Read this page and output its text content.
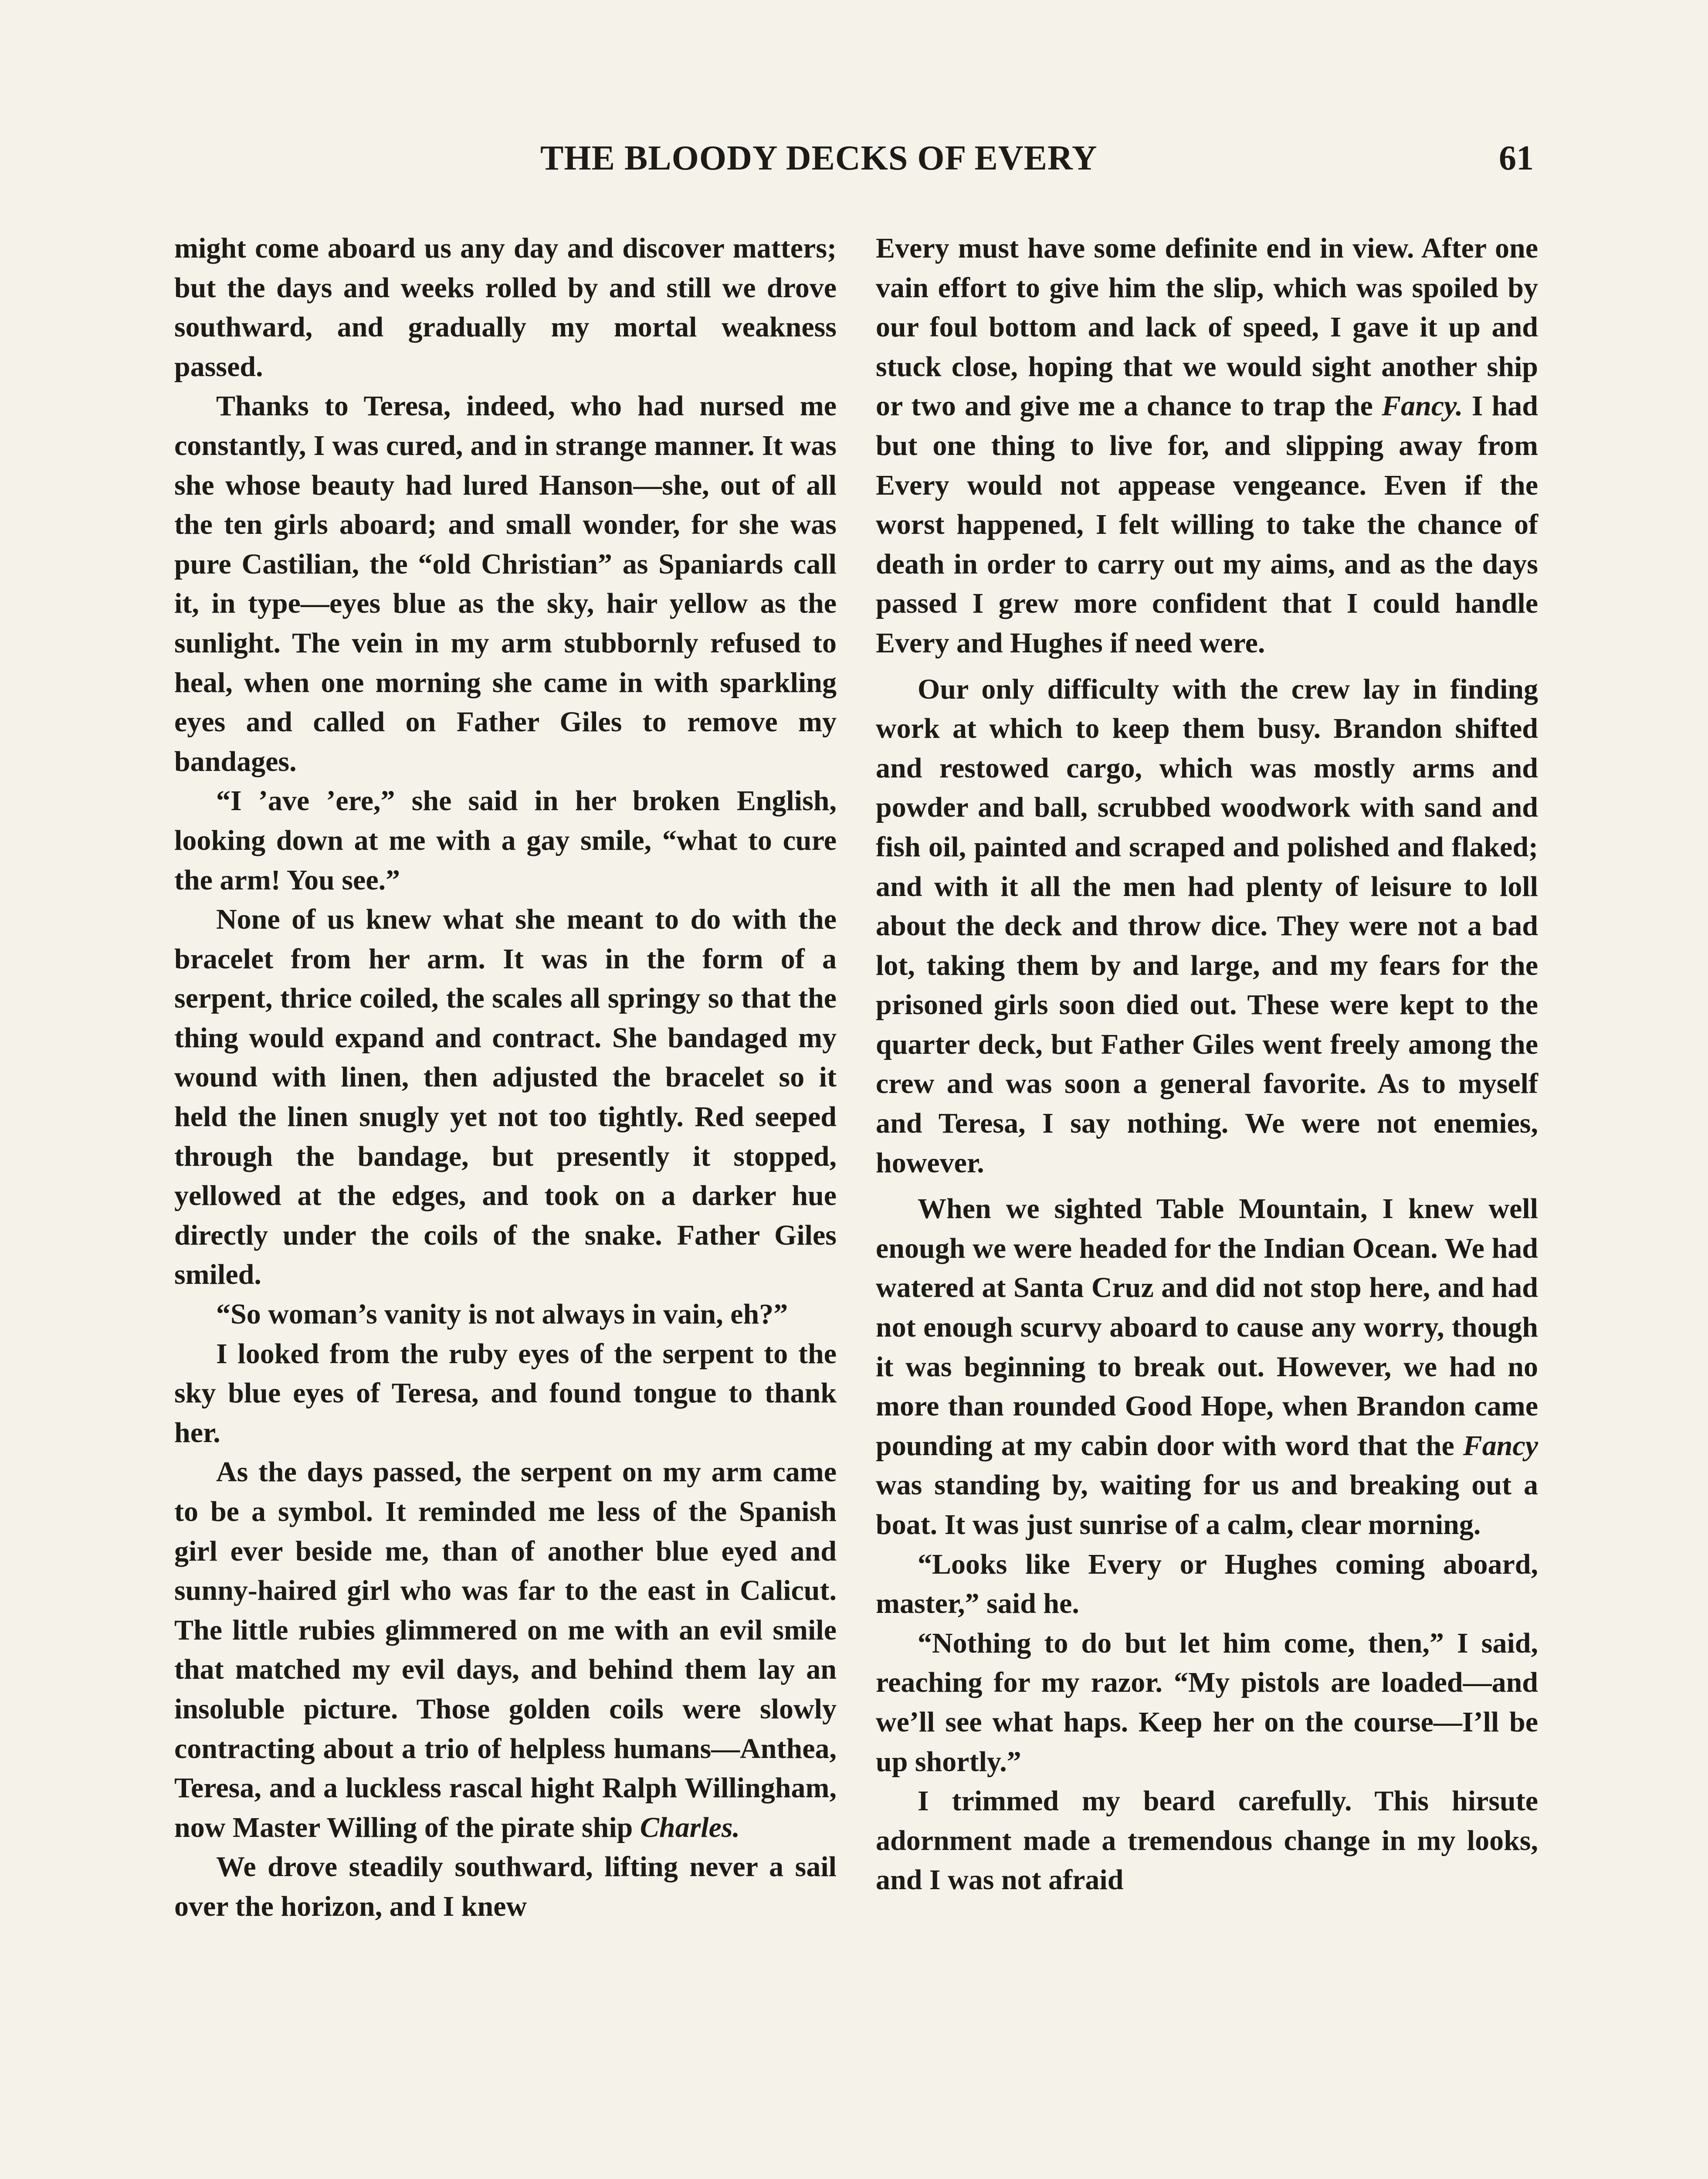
THE BLOODY DECKS OF EVERY	61

might come aboard us any day and discover matters; but the days and weeks rolled by and still we drove southward, and gradually my mortal weakness passed.

Thanks to Teresa, indeed, who had nursed me constantly, I was cured, and in strange manner. It was she whose beauty had lured Hanson—she, out of all the ten girls aboard; and small wonder, for she was pure Castilian, the “old Christian” as Spaniards call it, in type—eyes blue as the sky, hair yellow as the sunlight. The vein in my arm stubbornly refused to heal, when one morning she came in with sparkling eyes and called on Father Giles to remove my bandages.

“I ’ave ’ere,” she said in her broken English, looking down at me with a gay smile, “what to cure the arm! You see.”

None of us knew what she meant to do with the bracelet from her arm. It was in the form of a serpent, thrice coiled, the scales all springy so that the thing would expand and contract. She bandaged my wound with linen, then adjusted the bracelet so it held the linen snugly yet not too tightly. Red seeped through the bandage, but presently it stopped, yellowed at the edges, and took on a darker hue directly under the coils of the snake. Father Giles smiled.

“So woman’s vanity is not always in vain, eh?”

I looked from the ruby eyes of the serpent to the sky blue eyes of Teresa, and found tongue to thank her.

As the days passed, the serpent on my arm came to be a symbol. It reminded me less of the Spanish girl ever beside me, than of another blue eyed and sunny-haired girl who was far to the east in Calicut. The little rubies glimmered on me with an evil smile that matched my evil days, and behind them lay an insoluble picture. Those golden coils were slowly contracting about a trio of helpless humans—Anthea, Teresa, and a luckless rascal hight Ralph Willingham, now Master Willing of the pirate ship Charles.

We drove steadily southward, lifting never a sail over the horizon, and I knew

Every must have some definite end in view. After one vain effort to give him the slip, which was spoiled by our foul bottom and lack of speed, I gave it up and stuck close, hoping that we would sight another ship or two and give me a chance to trap the Fancy. I had but one thing to live for, and slipping away from Every would not appease vengeance. Even if the worst happened, I felt willing to take the chance of death in order to carry out my aims, and as the days passed I grew more confident that I could handle Every and Hughes if need were.

Our only difficulty with the crew lay in finding work at which to keep them busy. Brandon shifted and restowed cargo, which was mostly arms and powder and ball, scrubbed woodwork with sand and fish oil, painted and scraped and polished and flaked; and with it all the men had plenty of leisure to loll about the deck and throw dice. They were not a bad lot, taking them by and large, and my fears for the prisoned girls soon died out. These were kept to the quarter deck, but Father Giles went freely among the crew and was soon a general favorite. As to myself and Teresa, I say nothing. We were not enemies, however.

When we sighted Table Mountain, I knew well enough we were headed for the Indian Ocean. We had watered at Santa Cruz and did not stop here, and had not enough scurvy aboard to cause any worry, though it was beginning to break out. However, we had no more than rounded Good Hope, when Brandon came pounding at my cabin door with word that the Fancy was standing by, waiting for us and breaking out a boat. It was just sunrise of a calm, clear morning.

“Looks like Every or Hughes coming aboard, master,” said he.

“Nothing to do but let him come, then,” I said, reaching for my razor. “My pistols are loaded—and we’ll see what haps. Keep her on the course—I’ll be up shortly.”

I trimmed my beard carefully. This hirsute adornment made a tremendous change in my looks, and I was not afraid
